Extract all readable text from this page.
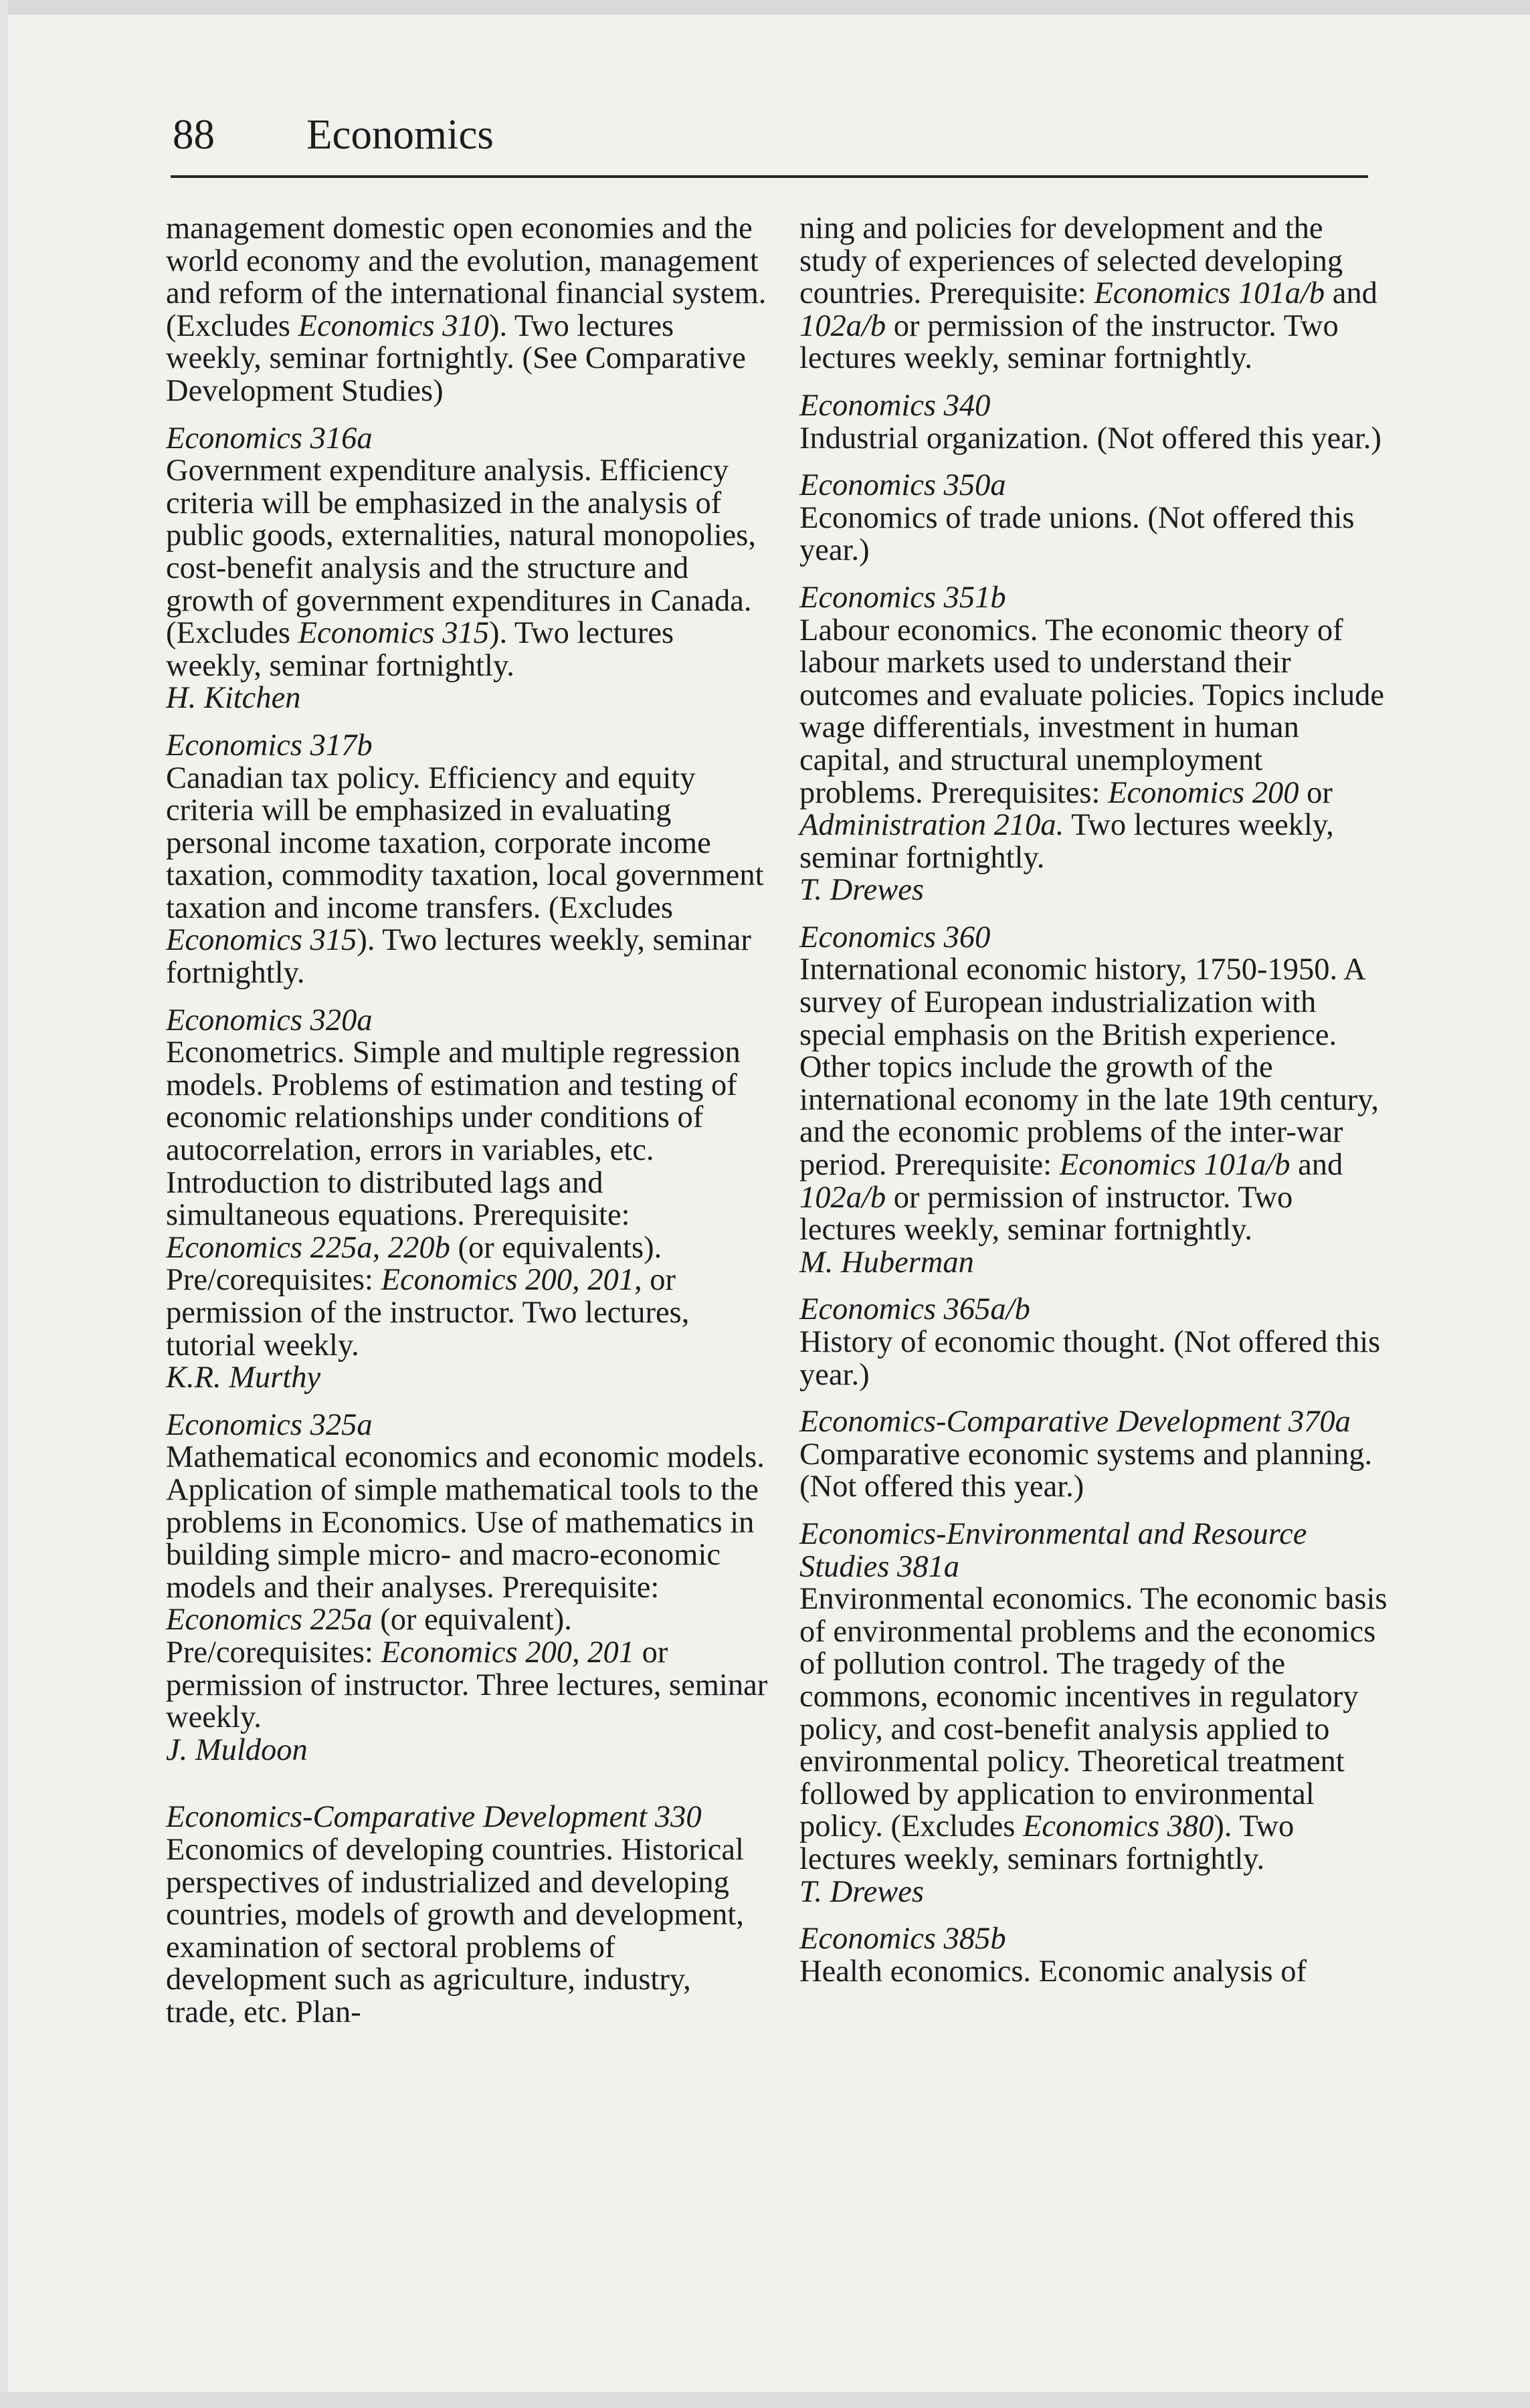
88 Economics

management domestic open economies and the world economy and the evolution, management and reform of the international financial system. (Excludes Economics 310). Two lectures weekly, seminar fortnightly. (See Comparative Development Studies)

Economics 316a

Government expenditure analysis. Efficiency criteria will be emphasized in the analysis of public goods, externalities, natural monopolies, cost-benefit analysis and the structure and growth of government expenditures in Canada. (Excludes Economics 315). Two lectures weekly, seminar fortnightly.

H. Kitchen

Economics 317b

Canadian tax policy. Efficiency and equity criteria will be emphasized in evaluating personal income taxation, corporate income taxation, commodity taxation, local government taxation and income transfers. (Excludes Economics 315). Two lectures weekly, seminar fortnightly.

Economics 320a

Econometrics. Simple and multiple regression models. Problems of estimation and testing of economic relationships under conditions of autocorrelation, errors in variables, etc. Introduction to distributed lags and simultaneous equations. Prerequisite: Economics 225a, 220b (or equivalents). Pre/corequisites: Economics 200, 201, or permission of the instructor. Two lectures, tutorial weekly.

K.R. Murthy

Economics 325a

Mathematical economics and economic models. Application of simple mathematical tools to the problems in Economics. Use of mathematics in building simple micro- and macro-economic models and their analyses. Prerequisite: Economics 225a (or equivalent). Pre/corequisites: Economics 200, 201 or permission of instructor. Three lectures, seminar weekly.

J. Muldoon

Economics-Comparative Development 330

Economics of developing countries. Historical perspectives of industrialized and developing countries, models of growth and development, examination of sectoral problems of development such as agriculture, industry, trade, etc. Plan-

ning and policies for development and the study of experiences of selected developing countries. Prerequisite: Economics 101a/b and 102a/b or permission of the instructor. Two lectures weekly, seminar fortnightly.

Economics 340

Industrial organization. (Not offered this year.)

Economics 350a

Economics of trade unions. (Not offered this year.)

Economics 351b

Labour economics. The economic theory of labour markets used to understand their outcomes and evaluate policies. Topics include wage differentials, investment in human capital, and structural unemployment problems. Prerequisites: Economics 200 or Administration 210a. Two lectures weekly, seminar fortnightly.

T. Drewes

Economics 360

International economic history, 1750-1950. A survey of European industrialization with special emphasis on the British experience. Other topics include the growth of the international economy in the late 19th century, and the economic problems of the inter-war period. Prerequisite: Economics 101a/b and 102a/b or permission of instructor. Two lectures weekly, seminar fortnightly.

M. Huberman

Economics 365a/b

History of economic thought. (Not offered this year.)

Economics-Comparative Development 370a

Comparative economic systems and planning. (Not offered this year.)

Economics-Environmental and Resource Studies 381a

Environmental economics. The economic basis of environmental problems and the economics of pollution control. The tragedy of the commons, economic incentives in regulatory policy, and cost-benefit analysis applied to environmental policy. Theoretical treatment followed by application to environmental policy. (Excludes Economics 380). Two lectures weekly, seminars fortnightly.

T. Drewes

Economics 385b

Health economics. Economic analysis of
